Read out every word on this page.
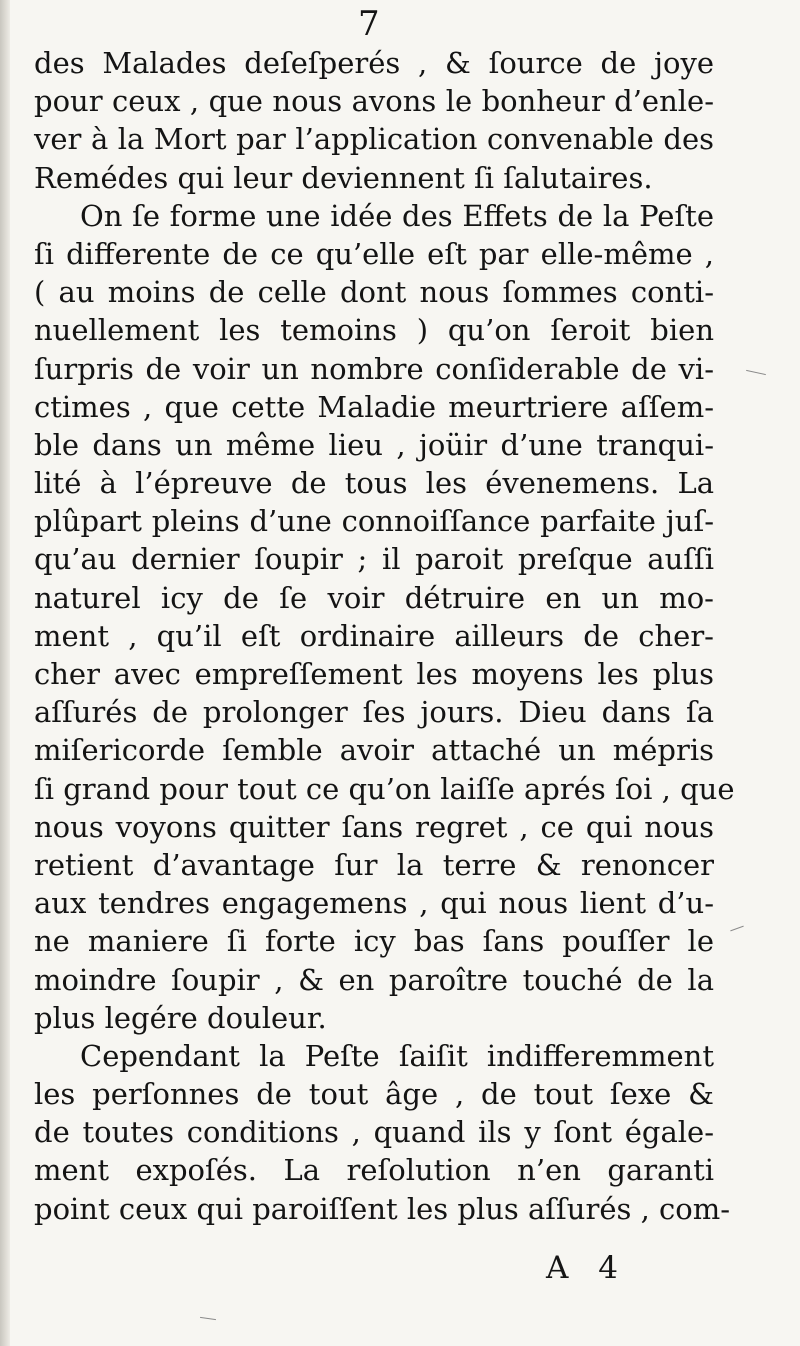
7
des Malades deſeſperés , & ſource de joye
pour ceux , que nous avons le bonheur d’enle-
ver à la Mort par l’application convenable des
Remédes qui leur deviennent ſi ſalutaires.
On ſe forme une idée des Effets de la Peſte
ſi differente de ce qu’elle eſt par elle-même ,
( au moins de celle dont nous ſommes conti-
nuellement les temoins ) qu’on ſeroit bien
ſurpris de voir un nombre conſiderable de vi-
ctimes , que cette Maladie meurtriere aſſem-
ble dans un même lieu , joüir d’une tranqui-
lité à l’épreuve de tous les évenemens. La
plûpart pleins d’une connoiſſance parfaite juſ-
qu’au dernier ſoupir ; il paroit preſque auſſi
naturel icy de ſe voir détruire en un mo-
ment , qu’il eſt ordinaire ailleurs de cher-
cher avec empreſſement les moyens les plus
aſſurés de prolonger ſes jours. Dieu dans ſa
miſericorde ſemble avoir attaché un mépris
ſi grand pour tout ce qu’on laiſſe aprés ſoi , que
nous voyons quitter ſans regret , ce qui nous
retient d’avantage ſur la terre & renoncer
aux tendres engagemens , qui nous lient d’u-
ne maniere ſi forte icy bas ſans pouſſer le
moindre ſoupir , & en paroître touché de la
plus legére douleur.
Cependant la Peſte ſaiſit indifferemment
les perſonnes de tout âge , de tout ſexe &
de toutes conditions , quand ils y ſont égale-
ment expoſés. La reſolution n’en garanti
point ceux qui paroiſſent les plus aſſurés , com-
A 4
